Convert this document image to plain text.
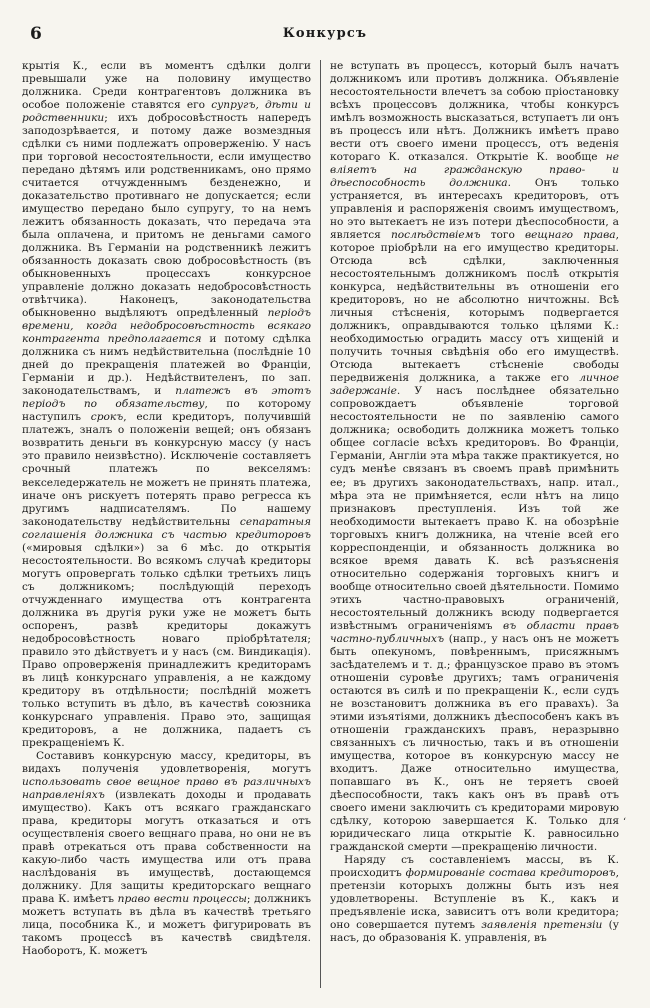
6	Конкурсъ

крытія К., если въ моментъ сдѣлки долги превышали уже на половину имущество должника. Среди контрагентовъ должника въ особое положеніе ставятся его супругъ, дѣти и родственники; ихъ добросовѣстность напередъ заподозрѣвается, и потому даже возмездныя сдѣлки съ ними подлежатъ опроверженію. У насъ при торговой несостоятельности, если имущество передано дѣтямъ или родственникамъ, оно прямо считается отчужденнымъ безденежно, и доказательство противнаго не допускается; если имущество передано было супругу, то на немъ лежитъ обязанность доказать, что передача эта была оплачена, и притомъ не деньгами самого должника. Въ Германіи на родственникѣ лежитъ обязанность доказать свою добросовѣстность (въ обыкновенныхъ процессахъ конкурсное управленіе должно доказать недобросовѣстность отвѣтчика). Наконецъ, законодательства обыкновенно выдѣляютъ опредѣленный періодъ времени, когда недобросовѣстность всякаго контрагента предполагается и потому сдѣлка должника съ нимъ недѣйствительна (послѣдніе 10 дней до прекращенія платежей во Франціи, Германіи и др.). Недѣйствителенъ, по зап. законодательствамъ, и платежъ въ этотъ періодъ по обязательству, по которому наступилъ срокъ, если кредиторъ, получившій платежъ, зналъ о положеніи вещей; онъ обязанъ возвратить деньги въ конкурсную массу (у насъ это правило неизвѣстно). Исключеніе составляетъ срочный платежъ по векселямъ: векселедержатель не можетъ не принять платежа, иначе онъ рискуетъ потерять право регресса къ другимъ надписателямъ. По нашему законодательству недѣйствительны сепаратныя соглашенія должника съ частью кредиторовъ («мировыя сдѣлки») за 6 мѣс. до открытія несостоятельности. Во всякомъ случаѣ кредиторы могутъ опровергать только сдѣлки третьихъ лицъ съ должникомъ; послѣдующій переходъ отчужденнаго имущества отъ контрагента должника въ другія руки уже не можетъ быть оспоренъ, развѣ кредиторы докажутъ недобросовѣстность новаго пріобрѣтателя; правило это дѣйствуетъ и у насъ (см. Виндикація). Право опроверженія принадлежитъ кредиторамъ въ лицѣ конкурснаго управленія, а не каждому кредитору въ отдѣльности; послѣдній можетъ только вступить въ дѣло, въ качествѣ союзника конкурснаго управленія. Право это, защищая кредиторовъ, а не должника, падаетъ съ прекращеніемъ К.

Составивъ конкурсную массу, кредиторы, въ видахъ полученія удовлетворенія, могутъ использовать свое вещное право въ различныхъ направленіяхъ (извлекать доходы и продавать имущество). Какъ отъ всякаго гражданскаго права, кредиторы могутъ отказаться и отъ осуществленія своего вещнаго права, но они не въ правѣ отрекаться отъ права собственности на какую-либо часть имущества или отъ права наслѣдованія въ имуществѣ, достающемся должнику. Для защиты кредиторскаго вещнаго права К. имѣетъ право вести процессы; должникъ можетъ вступать въ дѣла въ качествѣ третьяго лица, пособника К., и можетъ фигурировать въ такомъ процессѣ въ качествѣ свидѣтеля. Наоборотъ, К. можетъ

не вступать въ процессъ, который былъ начатъ должникомъ или противъ должника. Объявленіе несостоятельности влечетъ за собою пріостановку всѣхъ процессовъ должника, чтобы конкурсъ имѣлъ возможность высказаться, вступаетъ ли онъ въ процессъ или нѣтъ. Должникъ имѣетъ право вести отъ своего имени процессъ, отъ веденія котораго К. отказался. Открытіе К. вообще не вліяетъ на гражданскую право- и дѣеспособность должника. Онъ только устраняется, въ интересахъ кредиторовъ, отъ управленія и распоряженія своимъ имуществомъ, но это вытекаетъ не изъ потери дѣеспособности, а является послѣдствіемъ того вещнаго права, которое пріобрѣли на его имущество кредиторы. Отсюда всѣ сдѣлки, заключенныя несостоятельнымъ должникомъ послѣ открытія конкурса, недѣйствительны въ отношеніи его кредиторовъ, но не абсолютно ничтожны. Всѣ личныя стѣсненія, которымъ подвергается должникъ, оправдываются только цѣлями К.: необходимостью оградить массу отъ хищеній и получить точныя свѣдѣнія обо его имуществѣ. Отсюда вытекаетъ стѣсненіе свободы передвиженія должника, а также его личное задержаніе. У насъ послѣднее обязательно сопровождаетъ объявленіе торговой несостоятельности не по заявленію самого должника; освободить должника можетъ только общее согласіе всѣхъ кредиторовъ. Во Франціи, Германіи, Англіи эта мѣра также практикуется, но судъ менѣе связанъ въ своемъ правѣ примѣнить ее; въ другихъ законодательствахъ, напр. итал., мѣра эта не примѣняется, если нѣтъ на лицо признаковъ преступленія. Изъ той же необходимости вытекаетъ право К. на обозрѣніе торговыхъ книгъ должника, на чтеніе всей его корреспонденціи, и обязанность должника во всякое время давать К. всѣ разъясненія относительно содержанія торговыхъ книгъ и вообще относительно своей дѣятельности. Помимо этихъ частно-правовыхъ ограниченій, несостоятельный должникъ всюду подвергается извѣстнымъ ограниченіямъ въ области правъ частно-публичныхъ (напр., у насъ онъ не можетъ быть опекуномъ, повѣреннымъ, присяжнымъ засѣдателемъ и т. д.; французское право въ этомъ отношеніи суровѣе другихъ; тамъ ограниченія остаются въ силѣ и по прекращеніи К., если судъ не возстановитъ должника въ его правахъ). За этими изъятіями, должникъ дѣеспособенъ какъ въ отношеніи гражданскихъ правъ, неразрывно связанныхъ съ личностью, такъ и въ отношеніи имущества, которое въ конкурсную массу не входитъ. Даже относительно имущества, попавшаго въ К., онъ не теряетъ своей дѣеспособности, такъ какъ онъ въ правѣ отъ своего имени заключить съ кредиторами мировую сдѣлку, которою завершается К. Только для юридическаго лица открытіе К. равносильно гражданской смерти —прекращенію личности.

Наряду съ составленіемъ массы, въ К. происходитъ формированіе состава кредиторовъ, претензіи которыхъ должны быть изъ нея удовлетворены. Вступленіе въ К., какъ и предъявленіе иска, зависитъ отъ воли кредитора; оно совершается путемъ заявленія претензіи (у насъ, до образованія К. управленія, въ

ʻ
